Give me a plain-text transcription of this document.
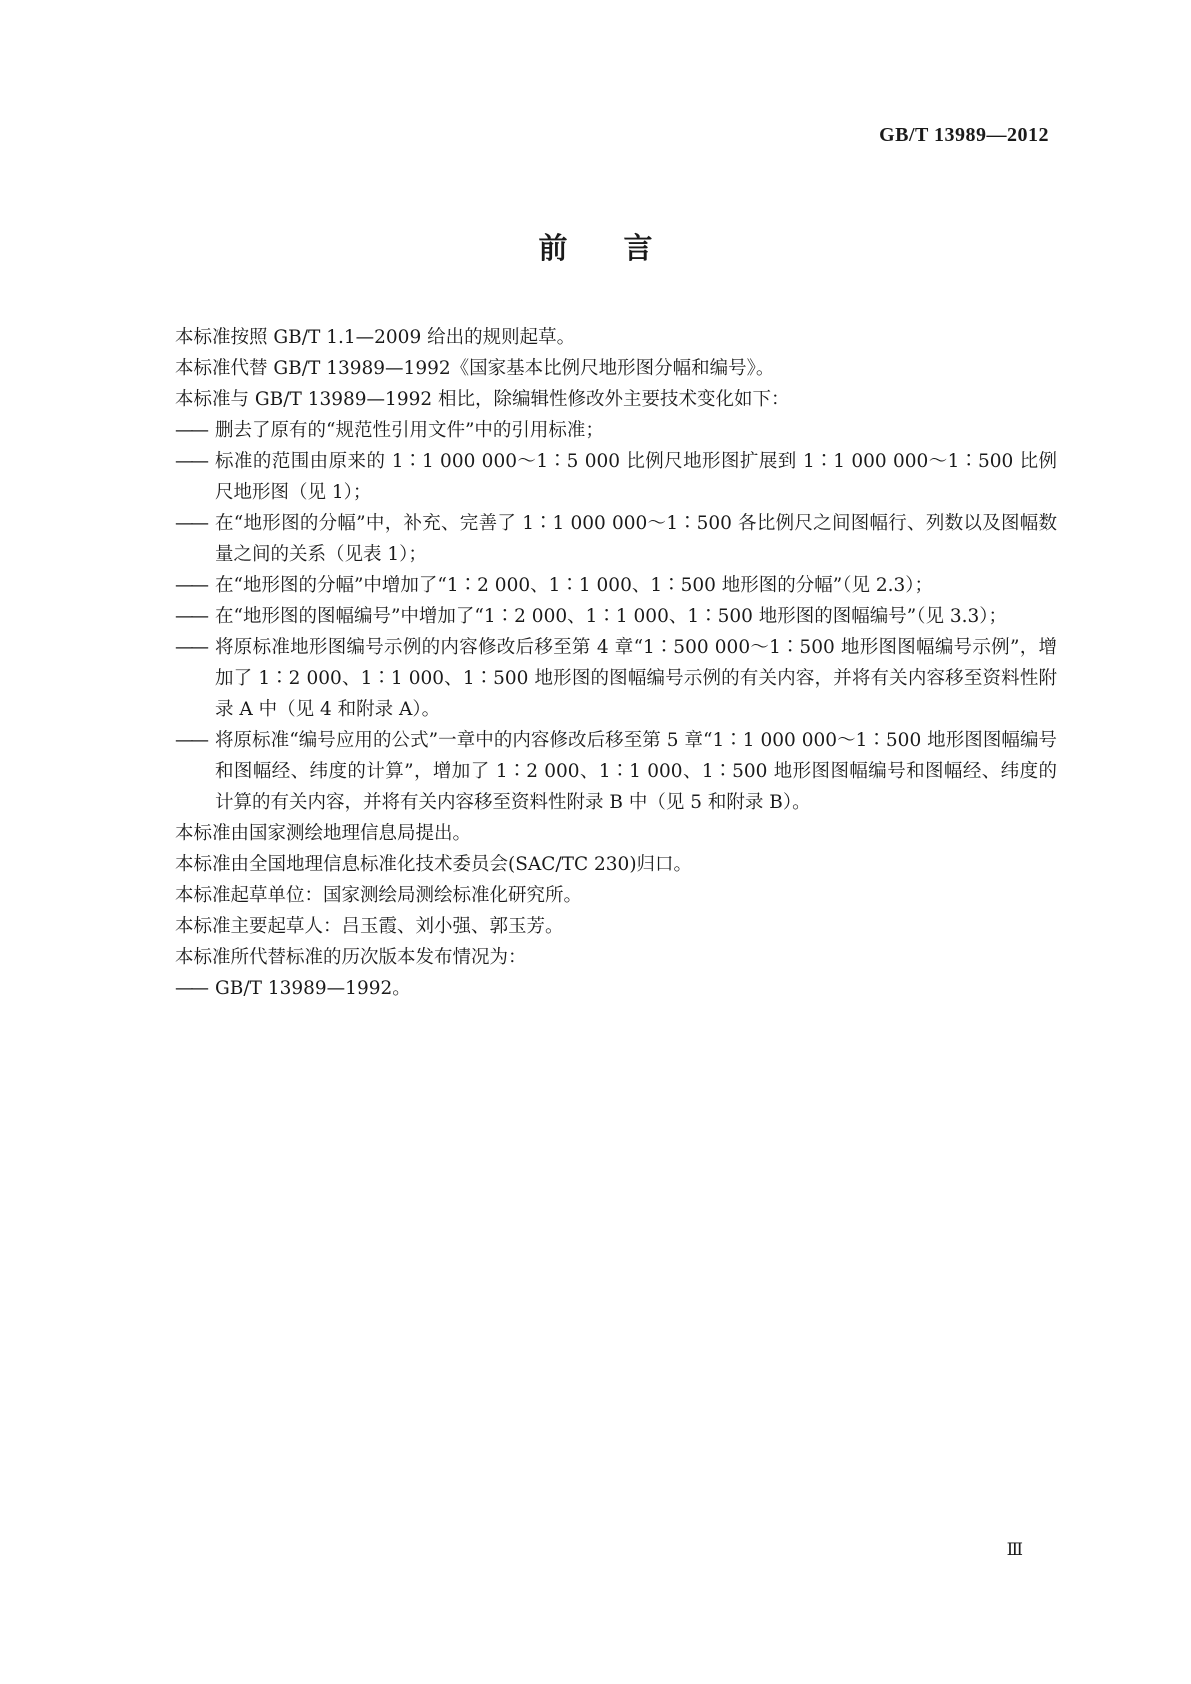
GB/T 13989—2012
前言

本标准按照 GB/T 1.1—2009 给出的规则起草。

本标准代替 GB/T 13989—1992《国家基本比例尺地形图分幅和编号》。

本标准与 GB/T 13989—1992 相比，除编辑性修改外主要技术变化如下：

—— 删去了原有的“规范性引用文件”中的引用标准；
—— 标准的范围由原来的 1∶1 000 000～1∶5 000 比例尺地形图扩展到 1∶1 000 000～1∶500 比例尺地形图（见 1）；
—— 在“地形图的分幅”中，补充、完善了 1∶1 000 000～1∶500 各比例尺之间图幅行、列数以及图幅数量之间的关系（见表 1）；
—— 在“地形图的分幅”中增加了“1∶2 000、1∶1 000、1∶500 地形图的分幅”（见 2.3）；
—— 在“地形图的图幅编号”中增加了“1∶2 000、1∶1 000、1∶500 地形图的图幅编号”（见 3.3）；
—— 将原标准地形图编号示例的内容修改后移至第 4 章“1∶500 000～1∶500 地形图图幅编号示例”，增加了 1∶2 000、1∶1 000、1∶500 地形图的图幅编号示例的有关内容，并将有关内容移至资料性附录 A 中（见 4 和附录 A）。
—— 将原标准“编号应用的公式”一章中的内容修改后移至第 5 章“1∶1 000 000～1∶500 地形图图幅编号和图幅经、纬度的计算”，增加了 1∶2 000、1∶1 000、1∶500 地形图图幅编号和图幅经、纬度的计算的有关内容，并将有关内容移至资料性附录 B 中（见 5 和附录 B）。

本标准由国家测绘地理信息局提出。

本标准由全国地理信息标准化技术委员会(SAC/TC 230)归口。

本标准起草单位：国家测绘局测绘标准化研究所。

本标准主要起草人：吕玉霞、刘小强、郭玉芳。

本标准所代替标准的历次版本发布情况为：

—— GB/T 13989—1992。
Ⅲ
